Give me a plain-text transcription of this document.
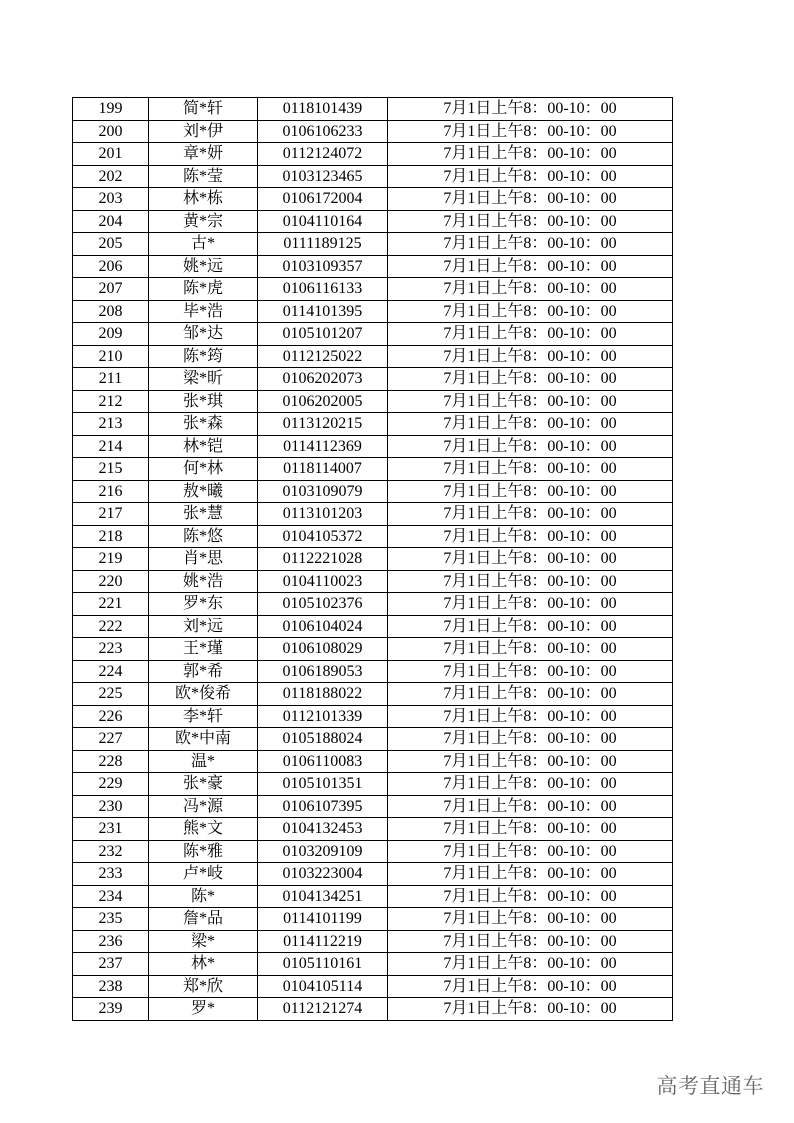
199	简*轩	0118101439	7月1日上午8：00-10：00
200	刘*伊	0106106233	7月1日上午8：00-10：00
201	章*妍	0112124072	7月1日上午8：00-10：00
202	陈*莹	0103123465	7月1日上午8：00-10：00
203	林*栋	0106172004	7月1日上午8：00-10：00
204	黄*宗	0104110164	7月1日上午8：00-10：00
205	古*	0111189125	7月1日上午8：00-10：00
206	姚*远	0103109357	7月1日上午8：00-10：00
207	陈*虎	0106116133	7月1日上午8：00-10：00
208	毕*浩	0114101395	7月1日上午8：00-10：00
209	邹*达	0105101207	7月1日上午8：00-10：00
210	陈*筠	0112125022	7月1日上午8：00-10：00
211	梁*昕	0106202073	7月1日上午8：00-10：00
212	张*琪	0106202005	7月1日上午8：00-10：00
213	张*森	0113120215	7月1日上午8：00-10：00
214	林*铠	0114112369	7月1日上午8：00-10：00
215	何*林	0118114007	7月1日上午8：00-10：00
216	敖*曦	0103109079	7月1日上午8：00-10：00
217	张*慧	0113101203	7月1日上午8：00-10：00
218	陈*悠	0104105372	7月1日上午8：00-10：00
219	肖*思	0112221028	7月1日上午8：00-10：00
220	姚*浩	0104110023	7月1日上午8：00-10：00
221	罗*东	0105102376	7月1日上午8：00-10：00
222	刘*远	0106104024	7月1日上午8：00-10：00
223	王*瑾	0106108029	7月1日上午8：00-10：00
224	郭*希	0106189053	7月1日上午8：00-10：00
225	欧*俊希	0118188022	7月1日上午8：00-10：00
226	李*轩	0112101339	7月1日上午8：00-10：00
227	欧*中南	0105188024	7月1日上午8：00-10：00
228	温*	0106110083	7月1日上午8：00-10：00
229	张*豪	0105101351	7月1日上午8：00-10：00
230	冯*源	0106107395	7月1日上午8：00-10：00
231	熊*文	0104132453	7月1日上午8：00-10：00
232	陈*雅	0103209109	7月1日上午8：00-10：00
233	卢*岐	0103223004	7月1日上午8：00-10：00
234	陈*	0104134251	7月1日上午8：00-10：00
235	詹*品	0114101199	7月1日上午8：00-10：00
236	梁*	0114112219	7月1日上午8：00-10：00
237	林*	0105110161	7月1日上午8：00-10：00
238	郑*欣	0104105114	7月1日上午8：00-10：00
239	罗*	0112121274	7月1日上午8：00-10：00
高考直通车
